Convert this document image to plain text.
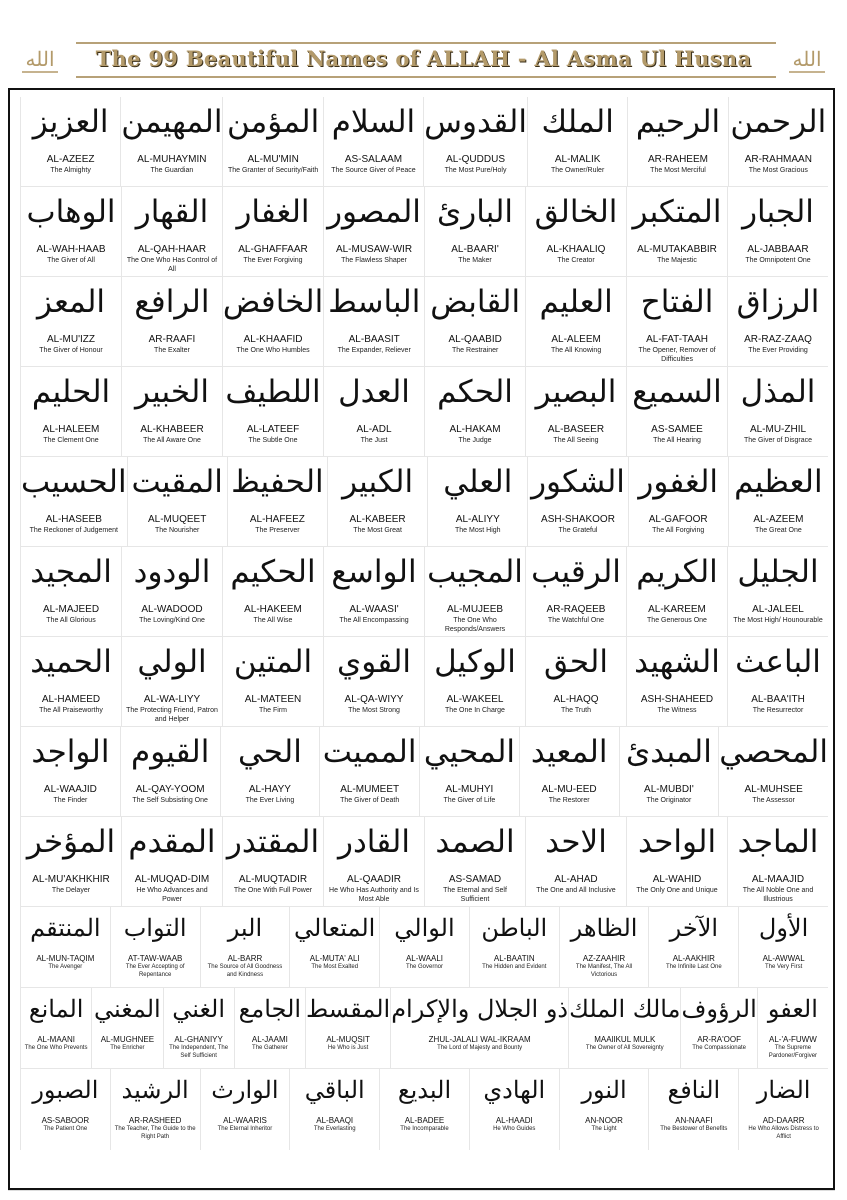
The 99 Beautiful Names of ALLAH - Al Asma Ul Husna
الله	الله
الرحمن
AR-RAHMAAN
The Most Gracious
الرحيم
AR-RAHEEM
The Most Merciful
الملك
AL-MALIK
The Owner/Ruler
القدوس
AL-QUDDUS
The Most Pure/Holy
السلام
AS-SALAAM
The Source Giver of Peace
المؤمن
AL-MU'MIN
The Granter of Security/Faith
المهيمن
AL-MUHAYMIN
The Guardian
العزيز
AL-AZEEZ
The Almighty
الجبار
AL-JABBAAR
The Omnipotent One
المتكبر
AL-MUTAKABBIR
The Majestic
الخالق
AL-KHAALIQ
The Creator
البارئ
AL-BAARI'
The Maker
المصور
AL-MUSAW-WIR
The Flawless Shaper
الغفار
AL-GHAFFAAR
The Ever Forgiving
القهار
AL-QAH-HAAR
The One Who Has Control of All
الوهاب
AL-WAH-HAAB
The Giver of All
الرزاق
AR-RAZ-ZAAQ
The Ever Providing
الفتاح
AL-FAT-TAAH
The Opener, Remover of Difficulties
العليم
AL-ALEEM
The All Knowing
القابض
AL-QAABID
The Restrainer
الباسط
AL-BAASIT
The Expander, Reliever
الخافض
AL-KHAAFID
The One Who Humbles
الرافع
AR-RAAFI
The Exalter
المعز
AL-MU'IZZ
The Giver of Honour
المذل
AL-MU-ZHIL
The Giver of Disgrace
السميع
AS-SAMEE
The All Hearing
البصير
AL-BASEER
The All Seeing
الحكم
AL-HAKAM
The Judge
العدل
AL-ADL
The Just
اللطيف
AL-LATEEF
The Subtle One
الخبير
AL-KHABEER
The All Aware One
الحليم
AL-HALEEM
The Clement One
العظيم
AL-AZEEM
The Great One
الغفور
AL-GAFOOR
The All Forgiving
الشكور
ASH-SHAKOOR
The Grateful
العلي
AL-ALIYY
The Most High
الكبير
AL-KABEER
The Most Great
الحفيظ
AL-HAFEEZ
The Preserver
المقيت
AL-MUQEET
The Nourisher
الحسيب
AL-HASEEB
The Reckoner of Judgement
الجليل
AL-JALEEL
The Most High/ Hounourable
الكريم
AL-KAREEM
The Generous One
الرقيب
AR-RAQEEB
The Watchful One
المجيب
AL-MUJEEB
The One Who Responds/Answers
الواسع
AL-WAASI'
The All Encompassing
الحكيم
AL-HAKEEM
The All Wise
الودود
AL-WADOOD
The Loving/Kind One
المجيد
AL-MAJEED
The All Glorious
الباعث
AL-BAA'ITH
The Resurrector
الشهيد
ASH-SHAHEED
The Witness
الحق
AL-HAQQ
The Truth
الوكيل
AL-WAKEEL
The One In Charge
القوي
AL-QA-WIYY
The Most Strong
المتين
AL-MATEEN
The Firm
الولي
AL-WA-LIYY
The Protecting Friend, Patron and Helper
الحميد
AL-HAMEED
The All Praiseworthy
المحصي
AL-MUHSEE
The Assessor
المبدئ
AL-MUBDI'
The Originator
المعيد
AL-MU-EED
The Restorer
المحيي
AL-MUHYI
The Giver of Life
المميت
AL-MUMEET
The Giver of Death
الحي
AL-HAYY
The Ever Living
القيوم
AL-QAY-YOOM
The Self Subsisting One
الواجد
AL-WAAJID
The Finder
الماجد
AL-MAAJID
The All Noble One and Illustrious
الواحد
AL-WAHID
The Only One and Unique
الاحد
AL-AHAD
The One and All Inclusive
الصمد
AS-SAMAD
The Eternal and Self Sufficient
القادر
AL-QAADIR
He Who Has Authority and Is Most Able
المقتدر
AL-MUQTADIR
The One With Full Power
المقدم
AL-MUQAD-DIM
He Who Advances and Power
المؤخر
AL-MU'AKHKHIR
The Delayer
الأول
AL-AWWAL
The Very First
الآخر
AL-AAKHIR
The Infinite Last One
الظاهر
AZ-ZAAHIR
The Manifest, The All Victorious
الباطن
AL-BAATIN
The Hidden and Evident
الوالي
AL-WAALI
The Governor
المتعالي
AL-MUTA' ALI
The Most Exalted
البر
AL-BARR
The Source of All Goodness and Kindness
التواب
AT-TAW-WAAB
The Ever Accepting of Repentance
المنتقم
AL-MUN-TAQIM
The Avenger
العفو
AL-'A-FUWW
The Supreme Pardoner/Forgiver
الرؤوف
AR-RA'OOF
The Compassionate
مالك الملك
MAAlIKUL MULK
The Owner of All Sovereignty
ذو الجلال والإكرام
ZHUL-JALALI WAL-IKRAAM
The Lord of Majesty and Bounty
المقسط
AL-MUQSIT
He Who is Just
الجامع
AL-JAAMI
The Gatherer
الغني
AL-GHANIYY
The Independent, The Self Sufficient
المغني
AL-MUGHNEE
The Enricher
المانع
AL-MAANI
The One Who Prevents
الضار
AD-DAARR
He Who Allows Distress to Afflict
النافع
AN-NAAFI
The Bestower of Benefits
النور
AN-NOOR
The Light
الهادي
AL-HAADI
He Who Guides
البديع
AL-BADEE
The Incomparable
الباقي
AL-BAAQI
The Everlasting
الوارث
AL-WAARIS
The Eternal Inheritor
الرشيد
AR-RASHEED
The Teacher, The Guide to the Right Path
الصبور
AS-SABOOR
The Patient One
